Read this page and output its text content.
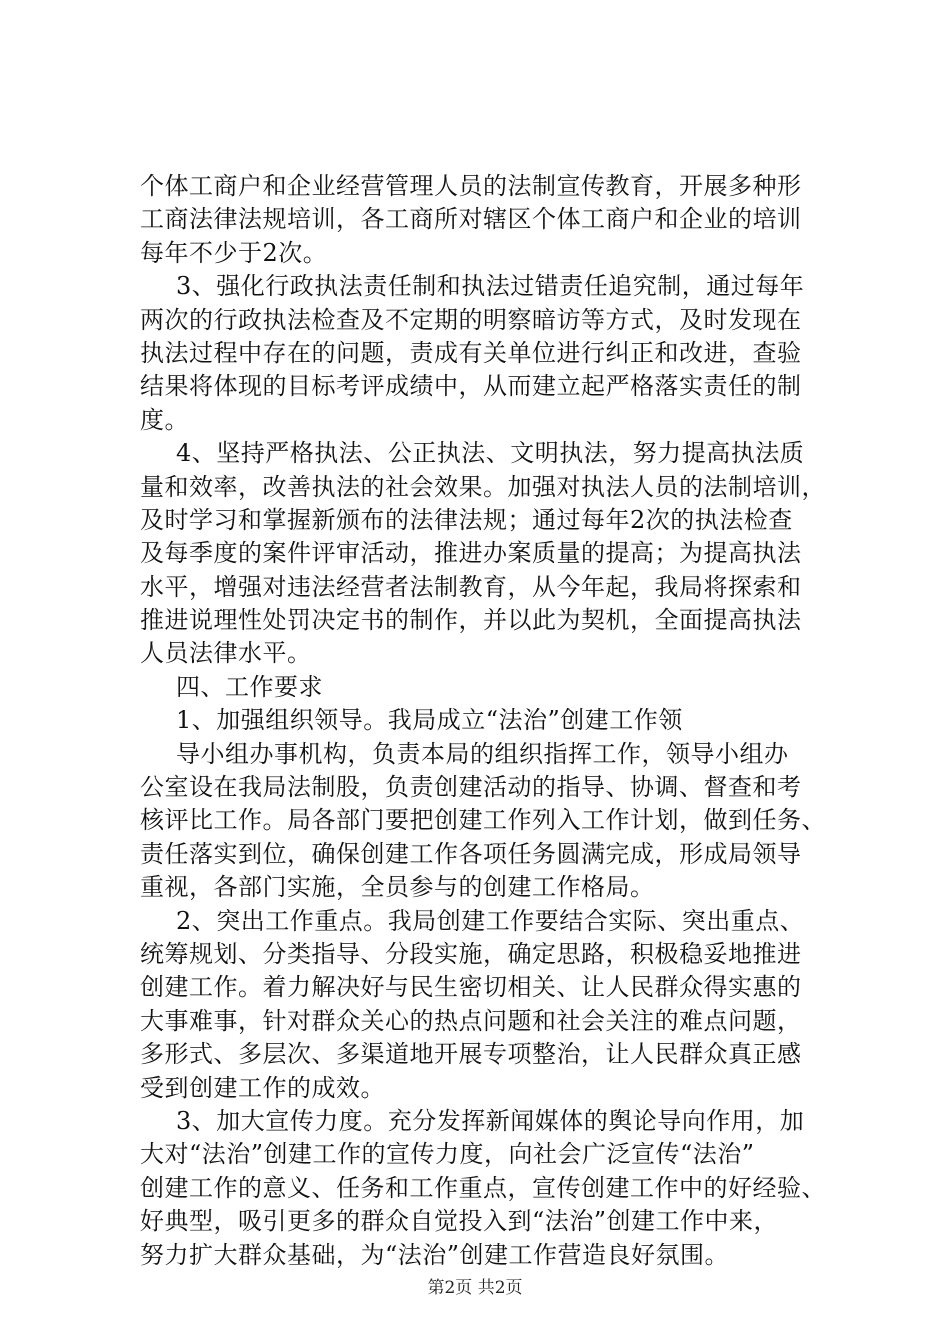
个体工商户和企业经营管理人员的法制宣传教育，开展多种形
工商法律法规培训，各工商所对辖区个体工商户和企业的培训
每年不少于2次。
3、强化行政执法责任制和执法过错责任追究制，通过每年
两次的行政执法检查及不定期的明察暗访等方式，及时发现在
执法过程中存在的问题，责成有关单位进行纠正和改进，查验
结果将体现的目标考评成绩中，从而建立起严格落实责任的制
度。
4、坚持严格执法、公正执法、文明执法，努力提高执法质
量和效率，改善执法的社会效果。加强对执法人员的法制培训，
及时学习和掌握新颁布的法律法规；通过每年2次的执法检查
及每季度的案件评审活动，推进办案质量的提高；为提高执法
水平，增强对违法经营者法制教育，从今年起，我局将探索和
推进说理性处罚决定书的制作，并以此为契机，全面提高执法
人员法律水平。
四、工作要求
1、加强组织领导。我局成立“法治”创建工作领
导小组办事机构，负责本局的组织指挥工作，领导小组办
公室设在我局法制股，负责创建活动的指导、协调、督查和考
核评比工作。局各部门要把创建工作列入工作计划，做到任务、
责任落实到位，确保创建工作各项任务圆满完成，形成局领导
重视，各部门实施，全员参与的创建工作格局。
2、突出工作重点。我局创建工作要结合实际、突出重点、
统筹规划、分类指导、分段实施，确定思路，积极稳妥地推进
创建工作。着力解决好与民生密切相关、让人民群众得实惠的
大事难事，针对群众关心的热点问题和社会关注的难点问题，
多形式、多层次、多渠道地开展专项整治，让人民群众真正感
受到创建工作的成效。
3、加大宣传力度。充分发挥新闻媒体的舆论导向作用，加
大对“法治”创建工作的宣传力度，向社会广泛宣传“法治”
创建工作的意义、任务和工作重点，宣传创建工作中的好经验、
好典型，吸引更多的群众自觉投入到“法治”创建工作中来，
努力扩大群众基础，为“法治”创建工作营造良好氛围。
第2页 共2页
